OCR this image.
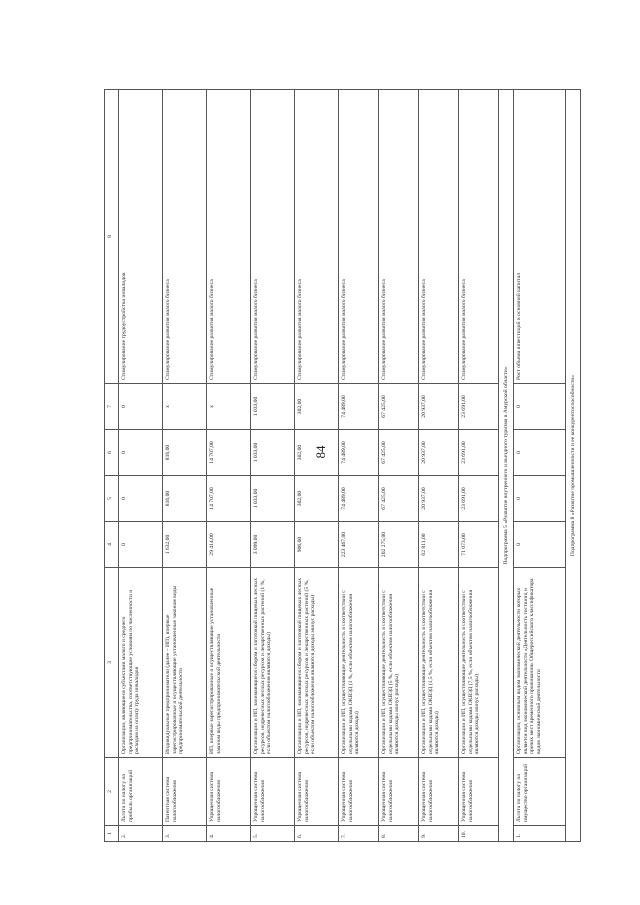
84
1	2	3	4	5	6	7	8
2.	Льгота по налогу на прибыль организаций	Организации, являющиеся субъектами малого и среднего предпринимательства, соответствующие условиям по численности и расходам на оплату труда инвалидов	0	0	0	0	Стимулирование трудоустройства инвалидов
3.	Патентная система налогообложения	Индивидуальные предприниматели (далее – ИП), впервые зарегистрированные и осуществляющие установленные законом виды предпринимательской деятельности	1 632,00	816,00	816,00	x	Стимулирование развития малого бизнеса
4.	Упрощенная система налогообложения	ИП, впервые зарегистрированные и осуществляющие установленные законом виды предпринимательской деятельности	29 414,00	14 707,00	14 707,00	x	Стимулирование развития малого бизнеса
5.	Упрощенная система налогообложения	Организации и ИП, занимающиеся сбором и заготовкой пищевых лесных ресурсов, недревесных лесных ресурсов и лекарственных растений (1 %, если объектом налогообложения являются доходы)	3 099,00	1 033,00	1 033,00	1 033,00	Стимулирование развития малого бизнеса
6.	Упрощенная система налогообложения	Организации и ИП, занимающиеся сбором и заготовкой пищевых лесных ресурсов, недревесных лесных ресурсов и лекарственных растений (5 %, если объектом налогообложения являются доходы минус расходы)	906,00	302,00	302,00	302,00	Стимулирование развития малого бизнеса
7.	Упрощенная система налогообложения	Организации и ИП, осуществляющие деятельность в соответствии с отдельными кодами ОКВЭД (1 %, если объектом налогообложения являются доходы)	223 467,00	74 489,00	74 489,00	74 489,00	Стимулирование развития малого бизнеса
8.	Упрощенная система налогообложения	Организации и ИП, осуществляющие деятельность в соответствии с отдельными кодами ОКВЭД (5 %, если объектом налогообложения являются доходы минус расходы)	202 275,00	67 425,00	67 425,00	67 425,00	Стимулирование развития малого бизнеса
9.	Упрощенная система налогообложения	Организации и ИП, осуществляющие деятельность в соответствии с отдельными кодами ОКВЭД (1,5 %, если объектом налогообложения являются доходы)	62 811,00	20 937,00	20 937,00	20 937,00	Стимулирование развития малого бизнеса
10.	Упрощенная система налогообложения	Организации и ИП, осуществляющие деятельность в соответствии с отдельными кодами ОКВЭД (7,5 %, если объектом налогообложения являются доходы минус расходы)	71 073,00	23 691,00	23 691,00	23 691,00	Стимулирование развития малого бизнеса
Подпрограмма 5 «Развитие внутреннего и въездного туризма в Амурской области»							
1.	Льгота по налогу на имущество организаций	Организации, основным видом экономической деятельности которых является вид экономической деятельности «Деятельность гостиниц и прочих мест временного проживания» Общероссийского классификатора видов экономической деятельности	0	0	0	0	Рост объема инвестиций в основной капитал
Подпрограмма 8 «Развитие промышленности и ее конкурентоспособности»							
